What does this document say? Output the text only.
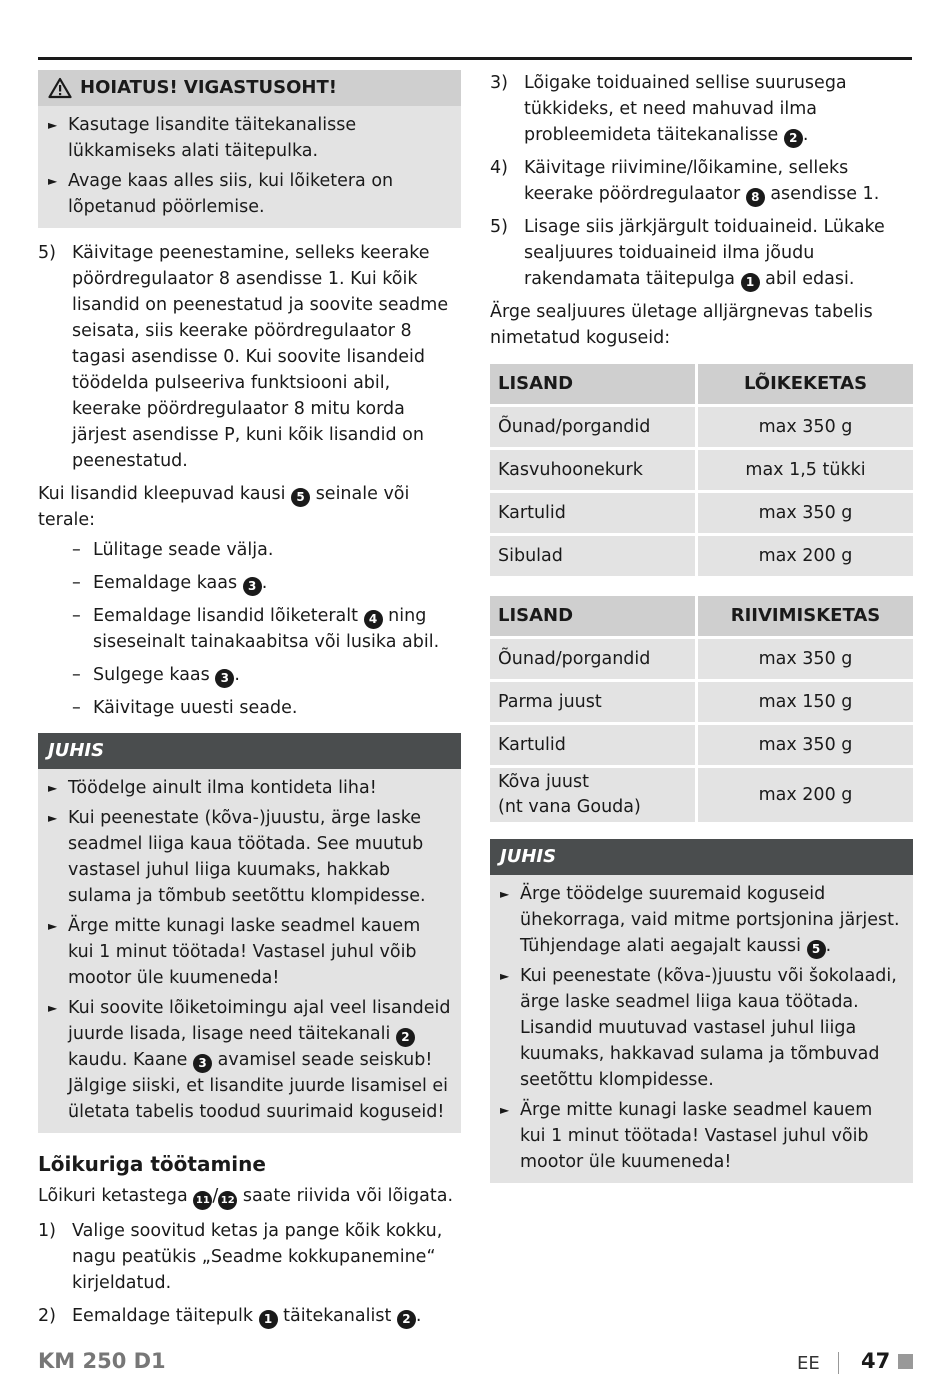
HOIATUS! VIGASTUSOHT!
► Kasutage lisandite täitekanalisse lükkamiseks alati täitepulka.
► Avage kaas alles siis, kui lõiketera on lõpetanud pöörlemise.
5) Käivitage peenestamine, selleks keerake pöördregulaator 8 asendisse 1. Kui kõik lisandid on peenestatud ja soovite seadme seisata, siis keerake pöördregulaator 8 tagasi asendisse 0. Kui soovite lisandeid töödelda pulseeriva funktsiooni abil, keerake pöördregulaator 8 mitu korda järjest asendisse P, kuni kõik lisandid on peenestatud.
Kui lisandid kleepuvad kausi 5 seinale või terale:
– Lülitage seade välja.
– Eemaldage kaas 3 .
– Eemaldage lisandid lõiketeralt 4 ning siseseinalt tainakaabitsa või lusika abil.
– Sulgege kaas 3 .
– Käivitage uuesti seade.
JUHIS
► Töödelge ainult ilma kontideta liha!
► Kui peenestate (kõva-)juustu, ärge laske seadmel liiga kaua töötada. See muutub vastasel juhul liiga kuumaks, hakkab sulama ja tõmbub seetõttu klompidesse.
► Ärge mitte kunagi laske seadmel kauem kui 1 minut töötada! Vastasel juhul võib mootor üle kuumeneda!
► Kui soovite lõiketoimingu ajal veel lisandeid juurde lisada, lisage need täitekanali 2 kaudu. Kaane 3 avamisel seade seiskub! Jälgige siiski, et lisandite juurde lisamisel ei ületata tabelis toodud suurimaid koguseid!
Lõikuriga töötamine
Lõikuri ketastega 11 / 12 saate riivida või lõigata.
1) Valige soovitud ketas ja pange kõik kokku, nagu peatükis „Seadme kokkupanemine“ kirjeldatud.
2) Eemaldage täitepulk 1 täitekanalist 2 .
3) Lõigake toiduained sellise suurusega tükkideks, et need mahuvad ilma probleemideta täitekanalisse 2 .
4) Käivitage riivimine/lõikamine, selleks keerake pöördregulaator 8 asendisse 1.
5) Lisage siis järkjärgult toiduaineid. Lükake sealjuures toiduaineid ilma jõudu rakendamata täitepulga 1 abil edasi.
Ärge sealjuures ületage alljärgnevas tabelis nimetatud koguseid:
LISAND	LÕIKEKETAS
Õunad/porgandid	max 350 g
Kasvuhoonekurk	max 1,5 tükki
Kartulid	max 350 g
Sibulad	max 200 g
LISAND	RIIVIMISKETAS
Õunad/porgandid	max 350 g
Parma juust	max 150 g
Kartulid	max 350 g
Kõva juust
(nt vana Gouda)	max 200 g
JUHIS
► Ärge töödelge suuremaid koguseid ühekorraga, vaid mitme portsjonina järjest. Tühjendage alati aegajalt kaussi 5 .
► Kui peenestate (kõva-)juustu või šokolaadi, ärge laske seadmel liiga kaua töötada. Lisandid muutuvad vastasel juhul liiga kuumaks, hakkavad sulama ja tõmbuvad seetõttu klompidesse.
► Ärge mitte kunagi laske seadmel kauem kui 1 minut töötada! Vastasel juhul võib mootor üle kuumeneda!
KM 250 D1	EE 47
